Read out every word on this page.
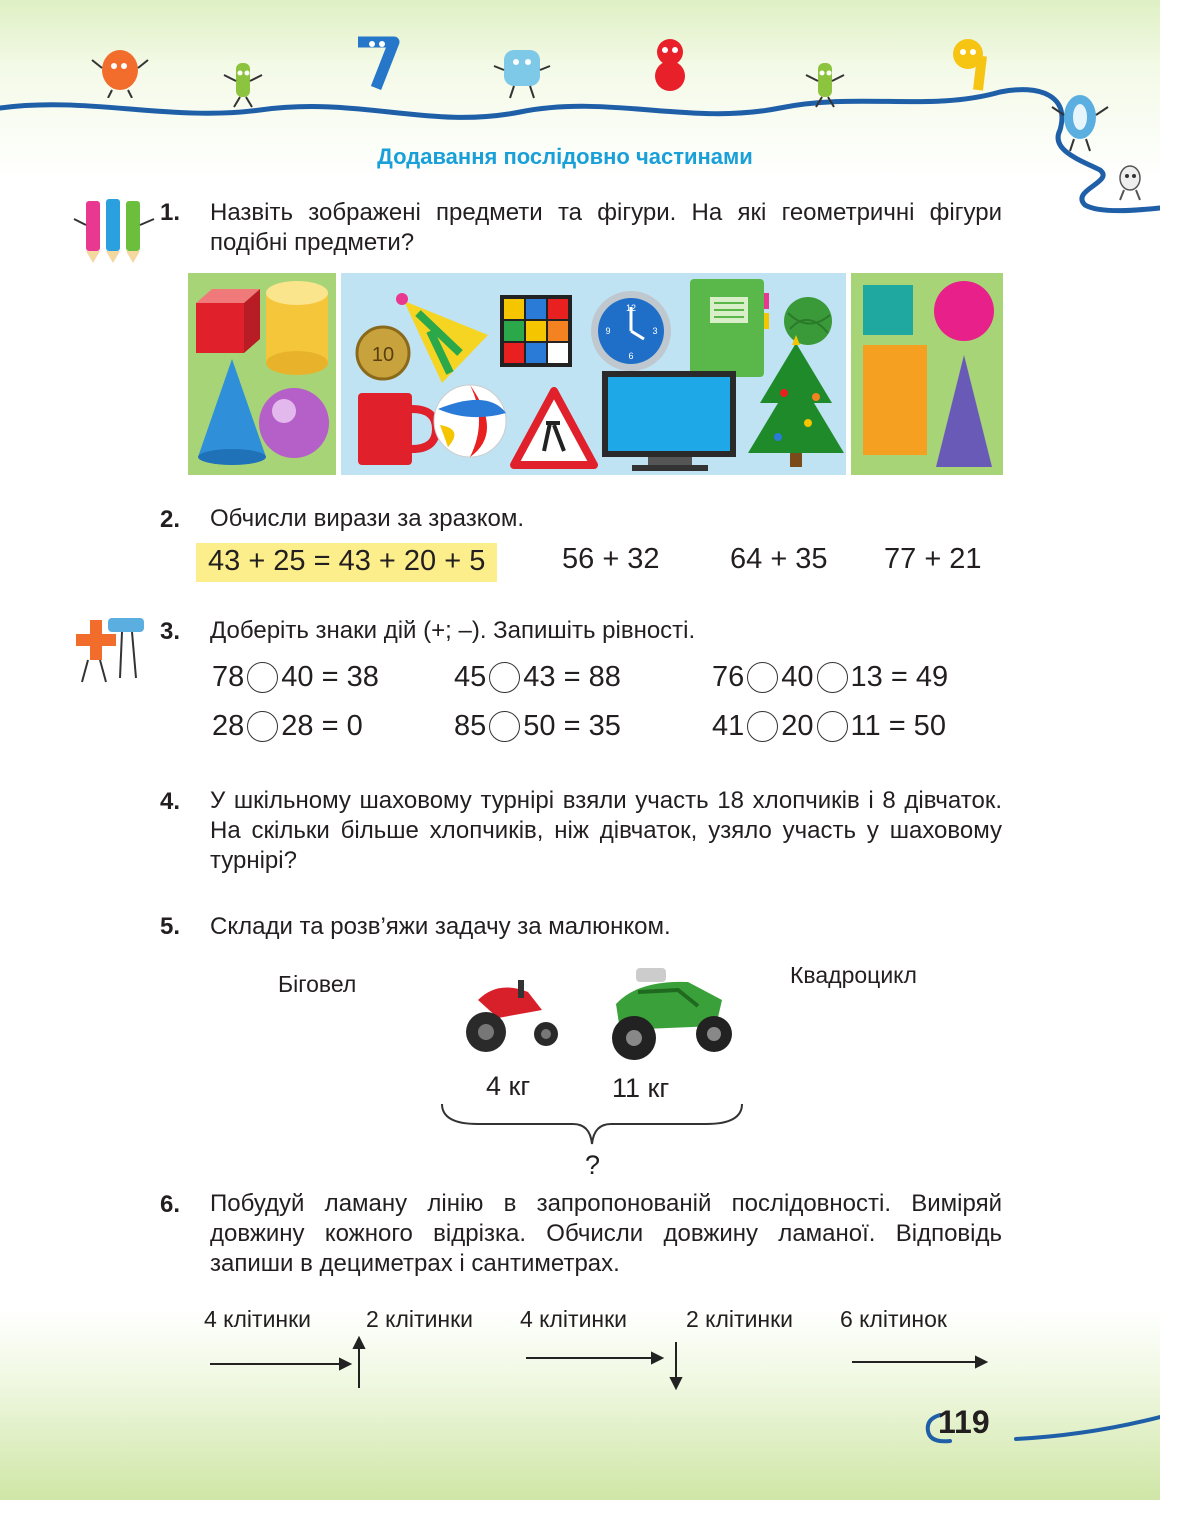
Додавання послідовно частинами
1. Назвіть зображені предмети та фігури. На які геометричні фігури подібні предмети?
10
12
3
6
9
2. Обчисли вирази за зразком.
43 + 25 = 43 + 20 + 5	56 + 32 64 + 35 77 + 21
3. Доберіть знаки дій (+; –). Запишіть рівності.
78 40 = 38	45 43 = 88	76 40 13 = 49
28 28 = 0	85 50 = 35	41 20 11 = 50
4. У шкільному шаховому турнірі взяли участь 18 хлопчиків і 8 дівчаток. На скільки більше хлопчиків, ніж дівчаток, узяло участь у шаховому турнірі?
5. Склади та розв’яжи задачу за малюнком.
Біговел	Квадроцикл
4 кг	11 кг
?
6. Побудуй ламану лінію в запропонованій послідовності. Виміряй довжину кожного відрізка. Обчисли довжину ламаної. Відповідь запиши в дециметрах і сантиметрах.
4 клітинки 2 клітинки 4 клітинки	2 клітинки 6 клітинок
119
